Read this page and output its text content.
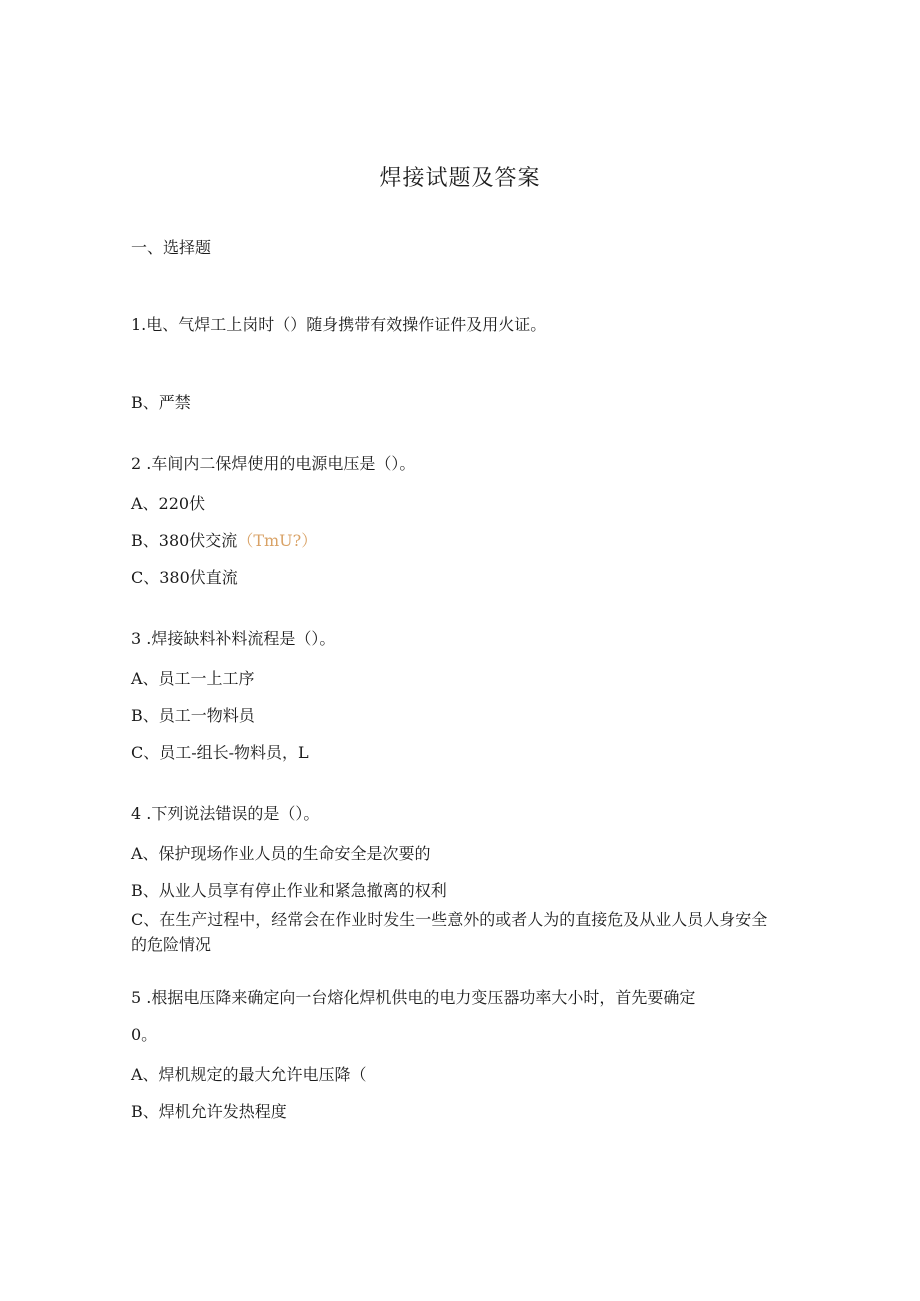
焊接试题及答案
一、选择题
1.电、气焊工上岗时（）随身携带有效操作证件及用火证。
B、严禁
2 .车间内二保焊使用的电源电压是（）。
A、220伏
B、380伏交流（TmU?）
C、380伏直流
3 .焊接缺料补料流程是（）。
A、员工一上工序
B、员工一物料员
C、员工-组长-物料员，L
4 .下列说法错误的是（）。
A、保护现场作业人员的生命安全是次要的
B、从业人员享有停止作业和紧急撤离的权利
C、在生产过程中，经常会在作业时发生一些意外的或者人为的直接危及从业人员人身安全的危险情况
5 .根据电压降来确定向一台熔化焊机供电的电力变压器功率大小时，首先要确定
0。
A、焊机规定的最大允许电压降（
B、焊机允许发热程度
